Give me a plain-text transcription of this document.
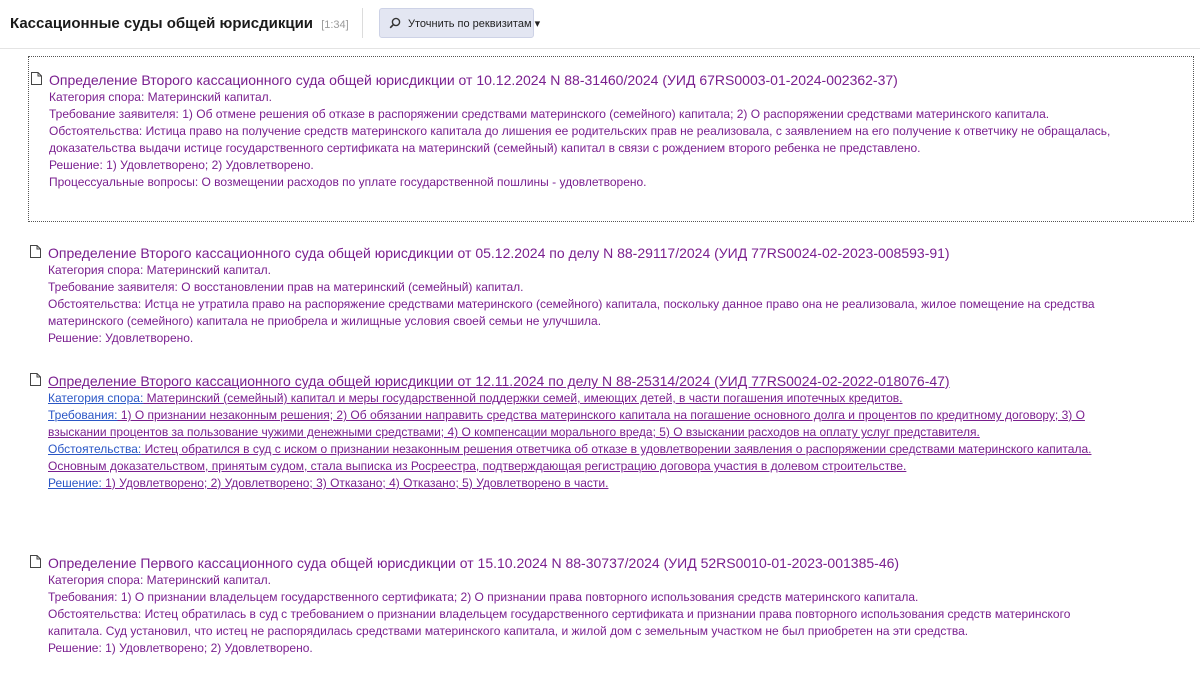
Кассационные суды общей юрисдикции [1:34]	Уточнить по реквизитам ▾
Определение Второго кассационного суда общей юрисдикции от 10.12.2024 N 88-31460/2024 (УИД 67RS0003-01-2024-002362-37)
Категория спора: Материнский капитал.
Требование заявителя: 1) Об отмене решения об отказе в распоряжении средствами материнского (семейного) капитала; 2) О распоряжении средствами материнского капитала.
Обстоятельства: Истица право на получение средств материнского капитала до лишения ее родительских прав не реализовала, с заявлением на его получение к ответчику не обращалась, доказательства выдачи истице государственного сертификата на материнский (семейный) капитал в связи с рождением второго ребенка не представлено.
Решение: 1) Удовлетворено; 2) Удовлетворено.
Процессуальные вопросы: О возмещении расходов по уплате государственной пошлины - удовлетворено.
Определение Второго кассационного суда общей юрисдикции от 05.12.2024 по делу N 88-29117/2024 (УИД 77RS0024-02-2023-008593-91)
Категория спора: Материнский капитал.
Требование заявителя: О восстановлении прав на материнский (семейный) капитал.
Обстоятельства: Истца не утратила право на распоряжение средствами материнского (семейного) капитала, поскольку данное право она не реализовала, жилое помещение на средства материнского (семейного) капитала не приобрела и жилищные условия своей семьи не улучшила.
Решение: Удовлетворено.
Определение Второго кассационного суда общей юрисдикции от 12.11.2024 по делу N 88-25314/2024 (УИД 77RS0024-02-2022-018076-47)
Категория спора: Материнский (семейный) капитал и меры государственной поддержки семей, имеющих детей, в части погашения ипотечных кредитов.
Требования: 1) О признании незаконным решения; 2) Об обязании направить средства материнского капитала на погашение основного долга и процентов по кредитному договору; 3) О взыскании процентов за пользование чужими денежными средствами; 4) О компенсации морального вреда; 5) О взыскании расходов на оплату услуг представителя.
Обстоятельства: Истец обратился в суд с иском о признании незаконным решения ответчика об отказе в удовлетворении заявления о распоряжении средствами материнского капитала. Основным доказательством, принятым судом, стала выписка из Росреестра, подтверждающая регистрацию договора участия в долевом строительстве.
Решение: 1) Удовлетворено; 2) Удовлетворено; 3) Отказано; 4) Отказано; 5) Удовлетворено в части.
Определение Первого кассационного суда общей юрисдикции от 15.10.2024 N 88-30737/2024 (УИД 52RS0010-01-2023-001385-46)
Категория спора: Материнский капитал.
Требования: 1) О признании владельцем государственного сертификата; 2) О признании права повторного использования средств материнского капитала.
Обстоятельства: Истец обратилась в суд с требованием о признании владельцем государственного сертификата и признании права повторного использования средств материнского капитала. Суд установил, что истец не распорядилась средствами материнского капитала, и жилой дом с земельным участком не был приобретен на эти средства.
Решение: 1) Удовлетворено; 2) Удовлетворено.
